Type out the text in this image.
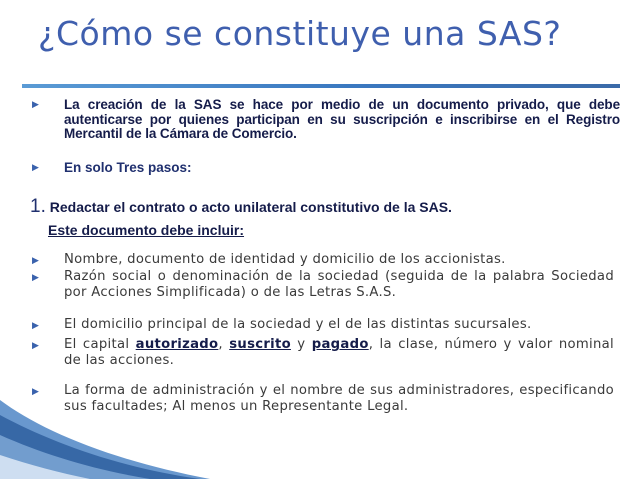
¿Cómo se constituye una SAS?
▶ La creación de la SAS se hace por medio de un documento privado, que debe autenticarse por quienes participan en su suscripción e inscribirse en el Registro Mercantil de la Cámara de Comercio.
▶ En solo Tres pasos:
1. Redactar el contrato o acto unilateral constitutivo de la SAS.
Este documento debe incluir:
▶ Nombre, documento de identidad y domicilio de los accionistas.
▶ Razón social o denominación de la sociedad (seguida de la palabra Sociedad por Acciones Simplificada) o de las Letras S.A.S.
▶ El domicilio principal de la sociedad y el de las distintas sucursales.
▶ El capital autorizado, suscrito y pagado, la clase, número y valor nominal de las acciones.
▶ La forma de administración y el nombre de sus administradores, especificando sus facultades; Al menos un Representante Legal.
